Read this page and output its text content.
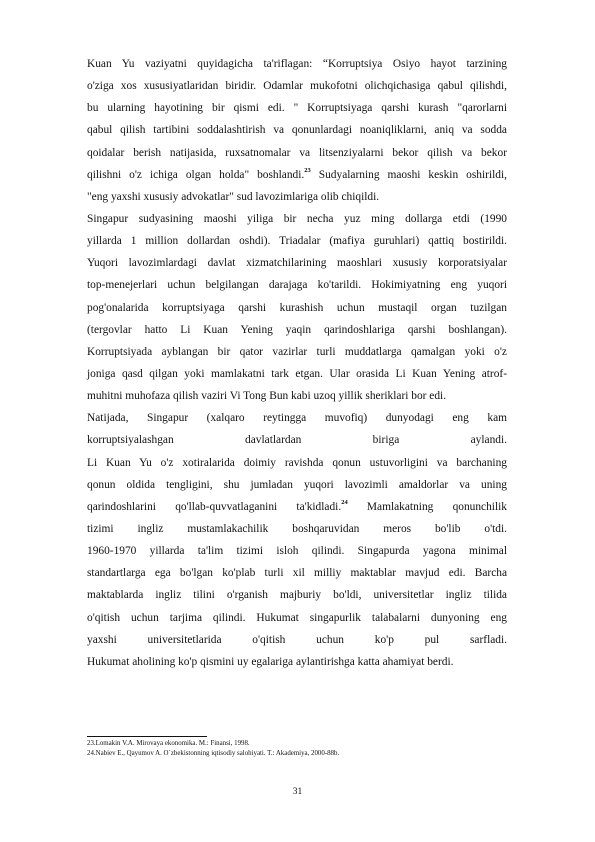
Kuan Yu vaziyatni quyidagicha ta'riflagan: “Korruptsiya Osiyo hayot tarzining
o'ziga xos xususiyatlaridan biridir. Odamlar mukofotni olichqichasiga qabul qilishdi,
bu ularning hayotining bir qismi edi. " Korruptsiyaga qarshi kurash "qarorlarni
qabul qilish tartibini soddalashtirish va qonunlardagi noaniqliklarni, aniq va sodda
qoidalar berish natijasida, ruxsatnomalar va litsenziyalarni bekor qilish va bekor
qilishni o'z ichiga olgan holda" boshlandi.$^{23}$ Sudyalarning maoshi keskin oshirildi,
"eng yaxshi xususiy advokatlar" sud lavozimlariga olib chiqildi.
Singapur sudyasining maoshi yiliga bir necha yuz ming dollarga etdi (1990
yillarda 1 million dollardan oshdi). Triadalar (mafiya guruhlari) qattiq bostirildi.
Yuqori lavozimlardagi davlat xizmatchilarining maoshlari xususiy korporatsiyalar
top-menejerlari uchun belgilangan darajaga ko'tarildi. Hokimiyatning eng yuqori
pog'onalarida korruptsiyaga qarshi kurashish uchun mustaqil organ tuzilgan
(tergovlar hatto Li Kuan Yening yaqin qarindoshlariga qarshi boshlangan).
Korruptsiyada ayblangan bir qator vazirlar turli muddatlarga qamalgan yoki o'z
joniga qasd qilgan yoki mamlakatni tark etgan. Ular orasida Li Kuan Yening atrof-
muhitni muhofaza qilish vaziri Vi Tong Bun kabi uzoq yillik sheriklari bor edi.
Natijada, Singapur (xalqaro reytingga muvofiq) dunyodagi eng kam
korruptsiyalashgan davlatlardan biriga aylandi.
Li Kuan Yu o'z xotiralarida doimiy ravishda qonun ustuvorligini va barchaning
qonun oldida tengligini, shu jumladan yuqori lavozimli amaldorlar va uning
qarindoshlarini qo'llab-quvvatlaganini ta'kidladi.$^{24}$ Mamlakatning qonunchilik
tizimi ingliz mustamlakachilik boshqaruvidan meros bo'lib o'tdi.
1960-1970 yillarda ta'lim tizimi isloh qilindi. Singapurda yagona minimal
standartlarga ega bo'lgan ko'plab turli xil milliy maktablar mavjud edi. Barcha
maktablarda ingliz tilini o'rganish majburiy bo'ldi, universitetlar ingliz tilida
o'qitish uchun tarjima qilindi. Hukumat singapurlik talabalarni dunyoning eng
yaxshi universitetlarida o'qitish uchun ko'p pul sarfladi.
Hukumat aholining ko'p qismini uy egalariga aylantirishga katta ahamiyat berdi.
23.Lomakin V.A. Mirovaya ekonomika. M.: Finansi, 1998.
24.Nabiev E., Qayumov A. O`zbekistonning iqtisodiy salohiyati. T.: Akademiya, 2000-88b.
31
